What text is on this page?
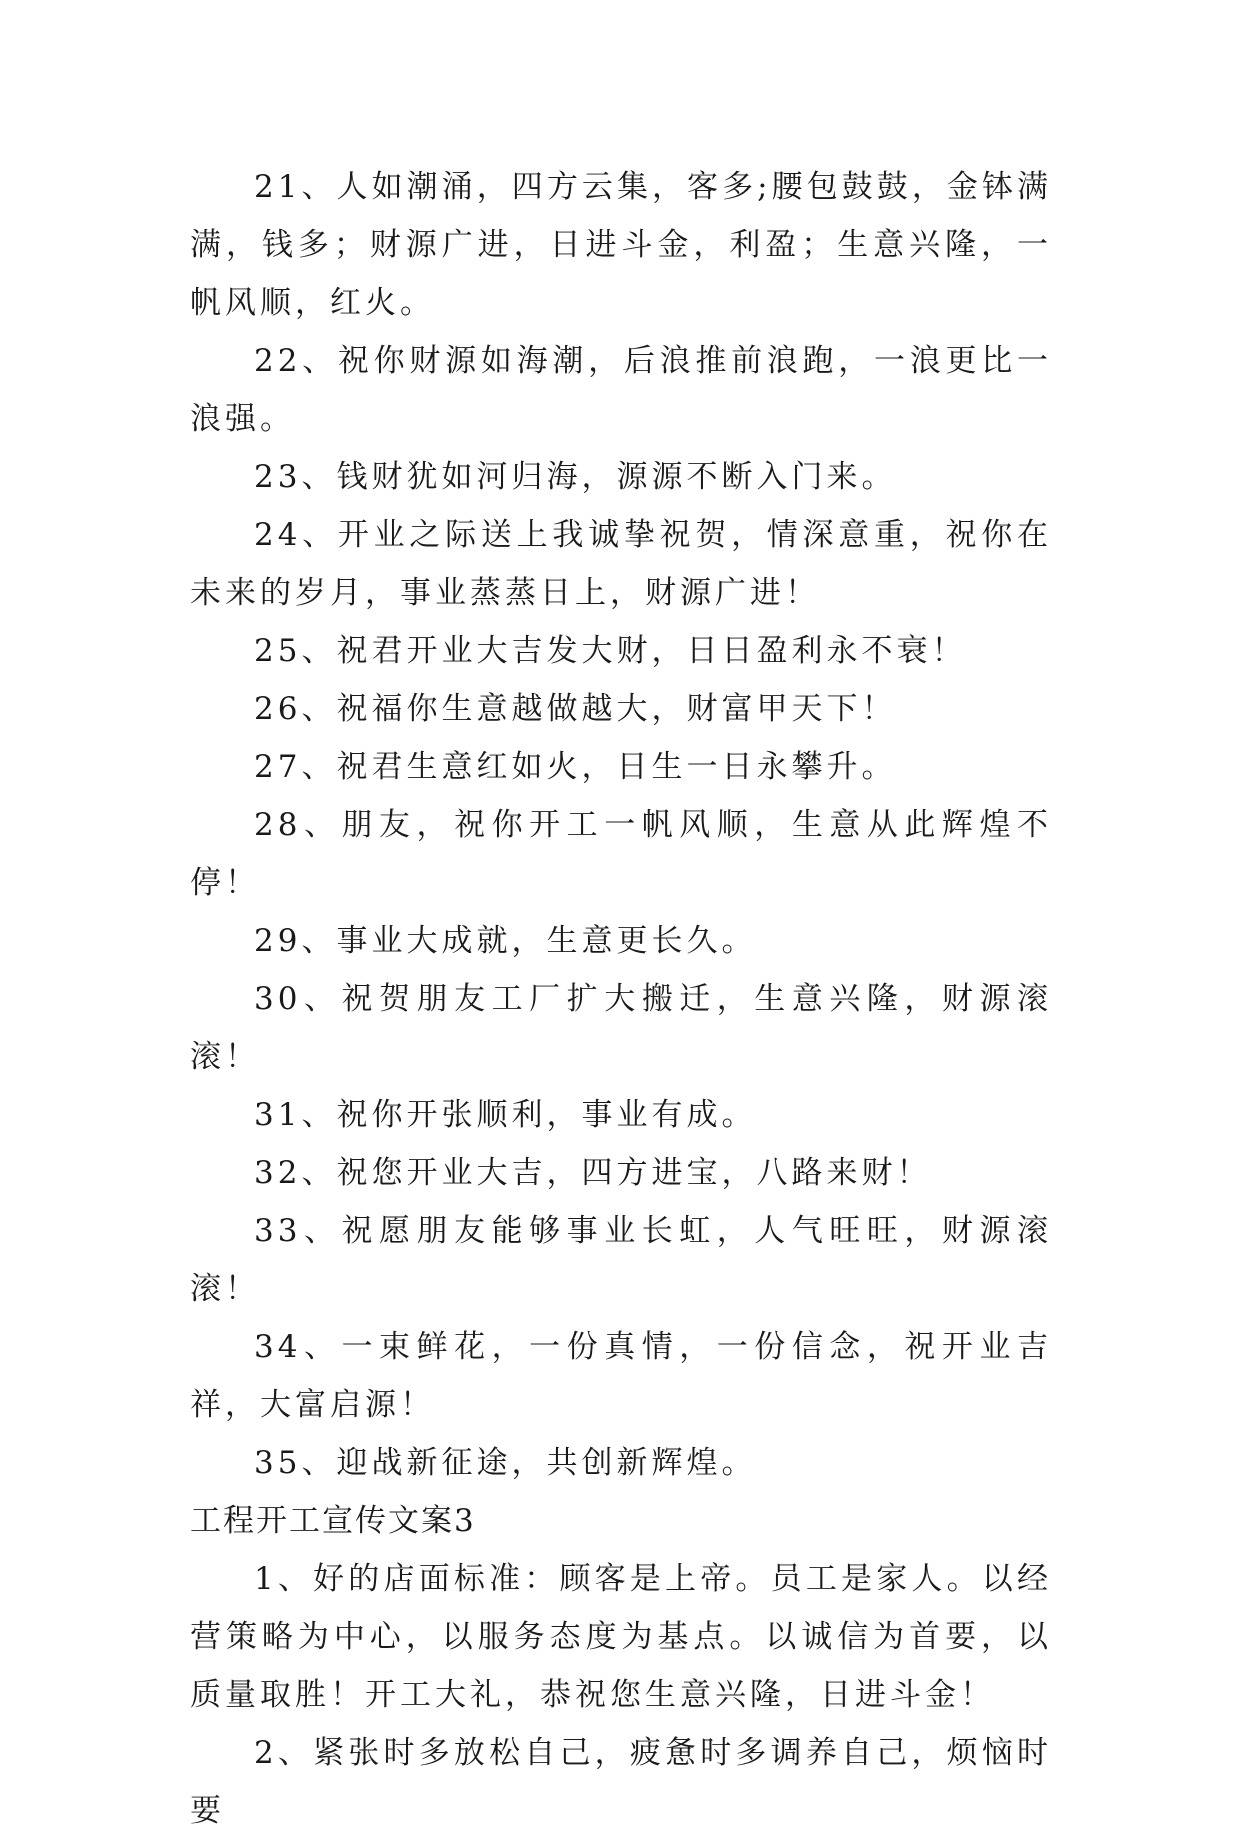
21、人如潮涌，四方云集，客多;腰包鼓鼓，金钵满满，钱多；财源广进，日进斗金，利盈；生意兴隆，一帆风顺，红火。

22、祝你财源如海潮，后浪推前浪跑，一浪更比一浪强。

23、钱财犹如河归海，源源不断入门来。

24、开业之际送上我诚挚祝贺，情深意重，祝你在未来的岁月，事业蒸蒸日上，财源广进！

25、祝君开业大吉发大财，日日盈利永不衰！

26、祝福你生意越做越大，财富甲天下！

27、祝君生意红如火，日生一日永攀升。

28、朋友，祝你开工一帆风顺，生意从此辉煌不停！

29、事业大成就，生意更长久。

30、祝贺朋友工厂扩大搬迁，生意兴隆，财源滚滚！

31、祝你开张顺利，事业有成。

32、祝您开业大吉，四方进宝，八路来财！

33、祝愿朋友能够事业长虹，人气旺旺，财源滚滚！

34、一束鲜花，一份真情，一份信念，祝开业吉祥，大富启源！

35、迎战新征途，共创新辉煌。

工程开工宣传文案3

1、好的店面标准：顾客是上帝。员工是家人。以经营策略为中心，以服务态度为基点。以诚信为首要，以质量取胜！开工大礼，恭祝您生意兴隆，日进斗金！

2、紧张时多放松自己，疲惫时多调养自己，烦恼时要
